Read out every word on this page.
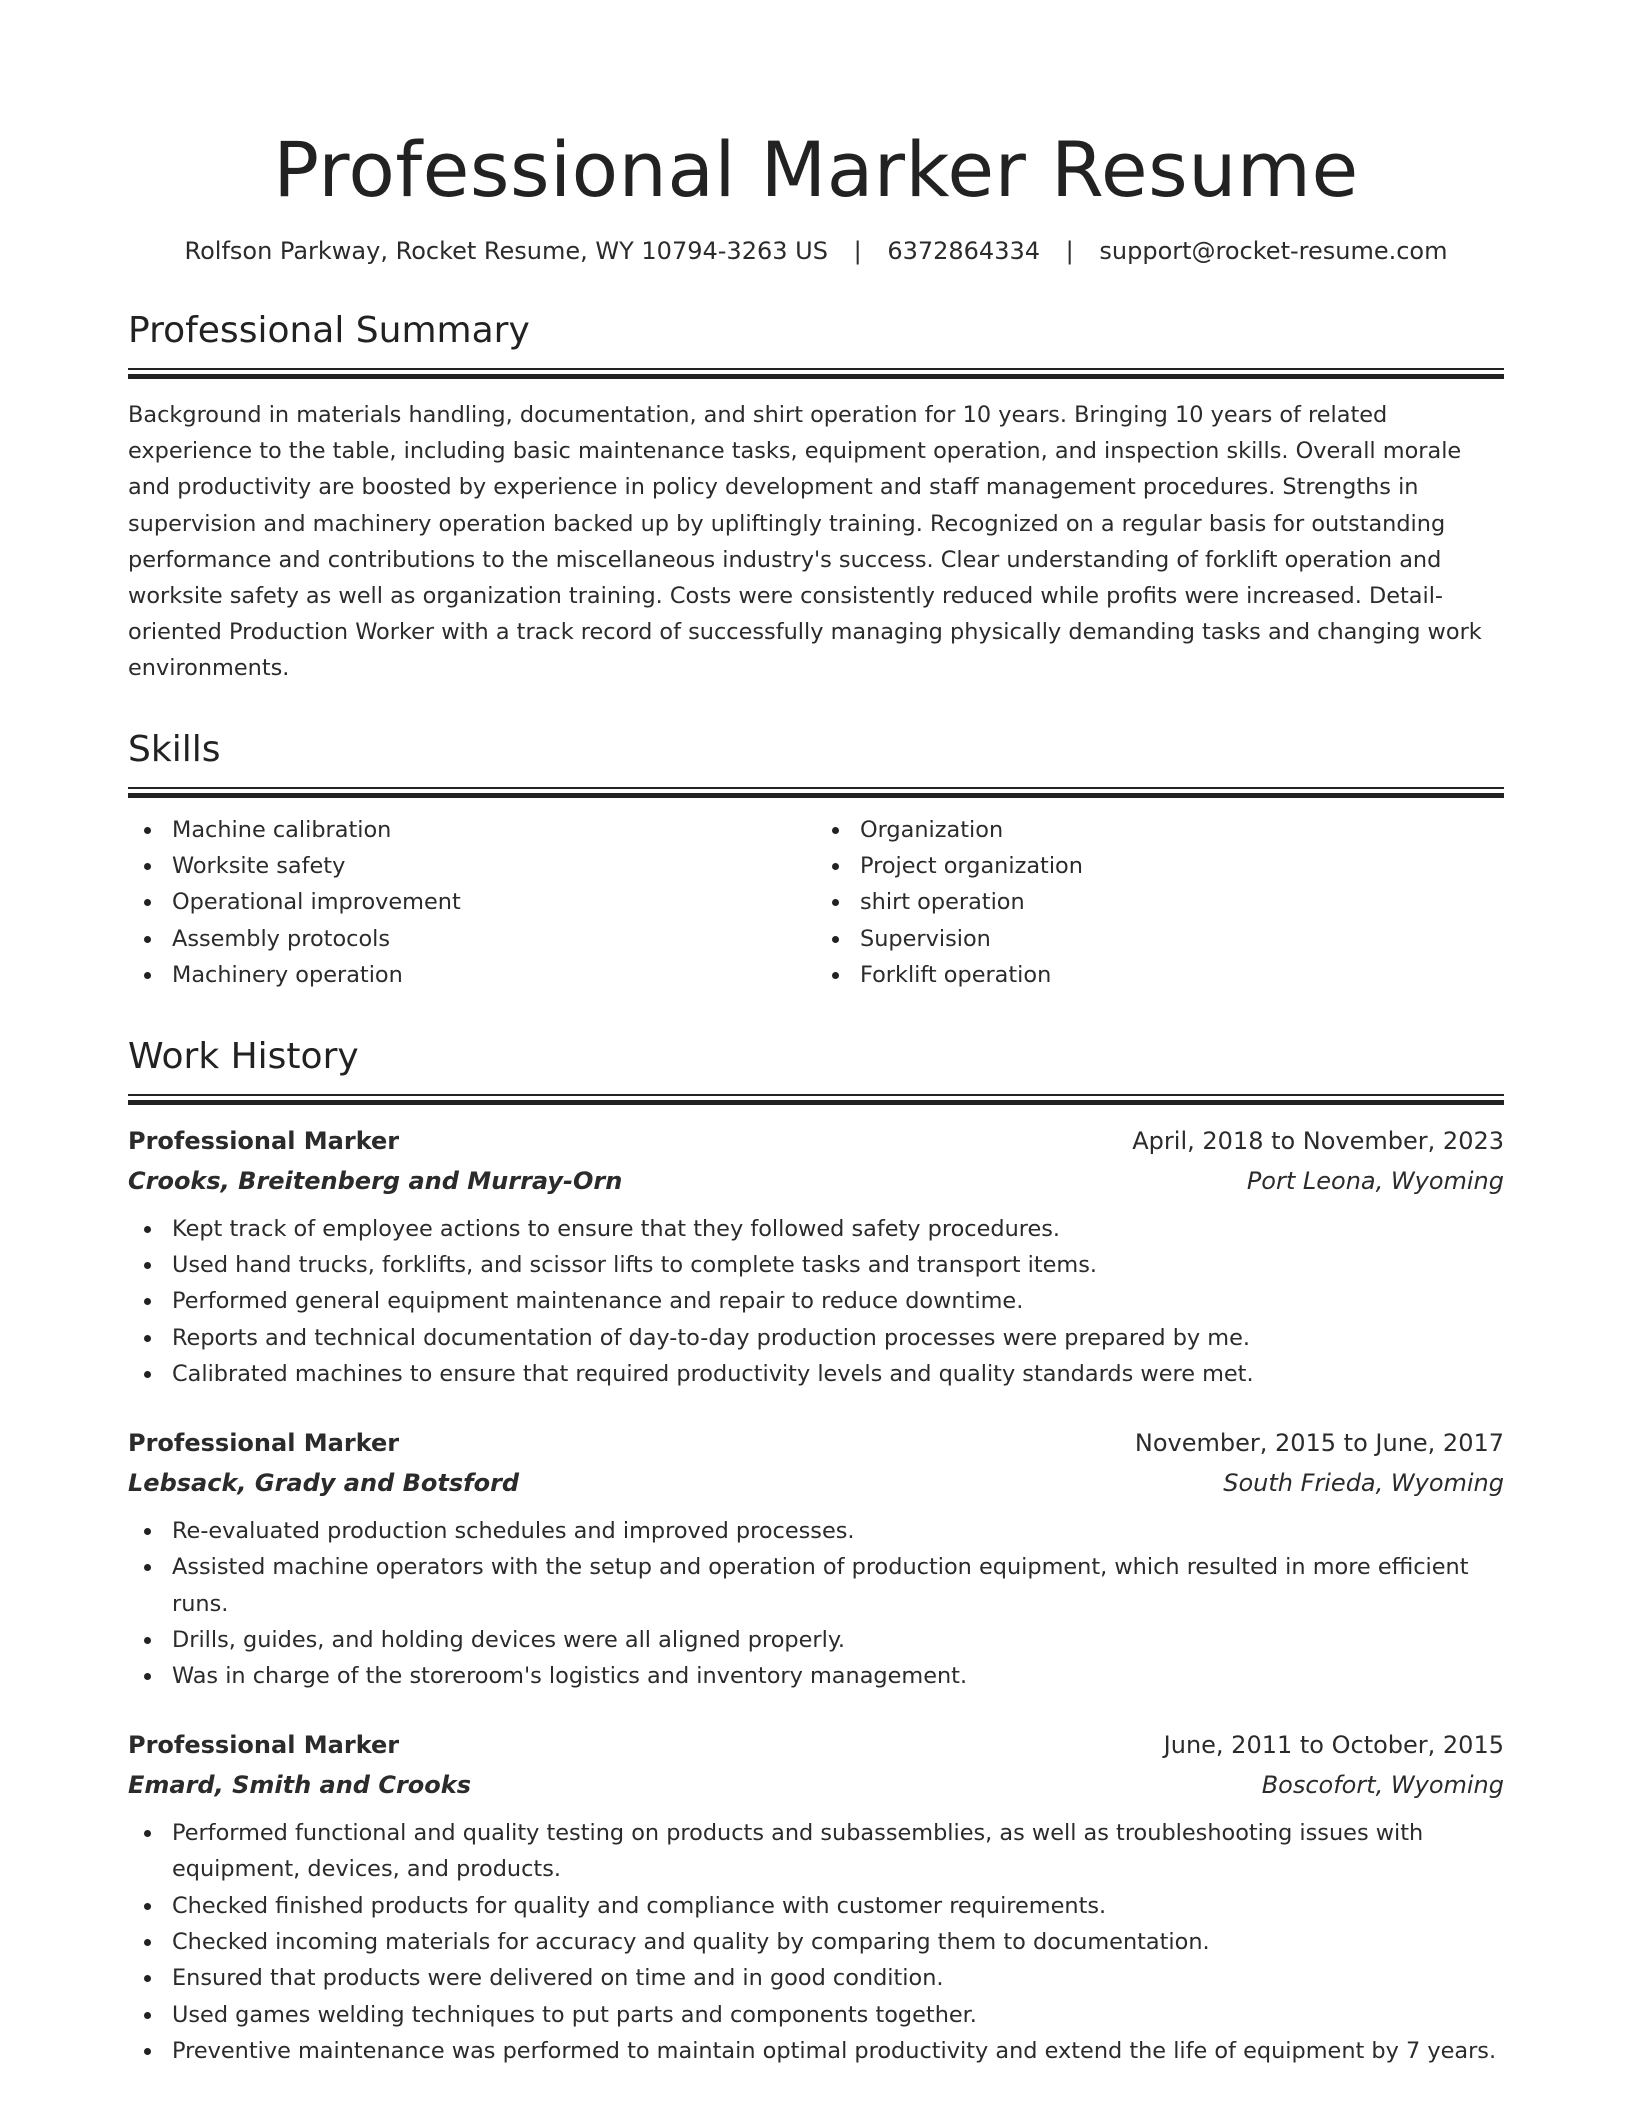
Professional Marker Resume
Rolfson Parkway, Rocket Resume, WY 10794-3263 US | 6372864334 | support@rocket-resume.com
Professional Summary

Background in materials handling, documentation, and shirt operation for 10 years. Bringing 10 years of related experience to the table, including basic maintenance tasks, equipment operation, and inspection skills. Overall morale and productivity are boosted by experience in policy development and staff management procedures. Strengths in supervision and machinery operation backed up by upliftingly training. Recognized on a regular basis for outstanding performance and contributions to the miscellaneous industry's success. Clear understanding of forklift operation and worksite safety as well as organization training. Costs were consistently reduced while profits were increased. Detail-oriented Production Worker with a track record of successfully managing physically demanding tasks and changing work environments.

Skills
Machine calibration
Worksite safety
Operational improvement
Assembly protocols
Machinery operation
Organization
Project organization
shirt operation
Supervision
Forklift operation
Work History
Professional Marker	April, 2018 to November, 2023
Crooks, Breitenberg and Murray-Orn	Port Leona, Wyoming
Kept track of employee actions to ensure that they followed safety procedures.
Used hand trucks, forklifts, and scissor lifts to complete tasks and transport items.
Performed general equipment maintenance and repair to reduce downtime.
Reports and technical documentation of day-to-day production processes were prepared by me.
Calibrated machines to ensure that required productivity levels and quality standards were met.
Professional Marker	November, 2015 to June, 2017
Lebsack, Grady and Botsford	South Frieda, Wyoming
Re-evaluated production schedules and improved processes.
Assisted machine operators with the setup and operation of production equipment, which resulted in more efficient runs.
Drills, guides, and holding devices were all aligned properly.
Was in charge of the storeroom's logistics and inventory management.
Professional Marker	June, 2011 to October, 2015
Emard, Smith and Crooks	Boscofort, Wyoming
Performed functional and quality testing on products and subassemblies, as well as troubleshooting issues with equipment, devices, and products.
Checked finished products for quality and compliance with customer requirements.
Checked incoming materials for accuracy and quality by comparing them to documentation.
Ensured that products were delivered on time and in good condition.
Used games welding techniques to put parts and components together.
Preventive maintenance was performed to maintain optimal productivity and extend the life of equipment by 7 years.
